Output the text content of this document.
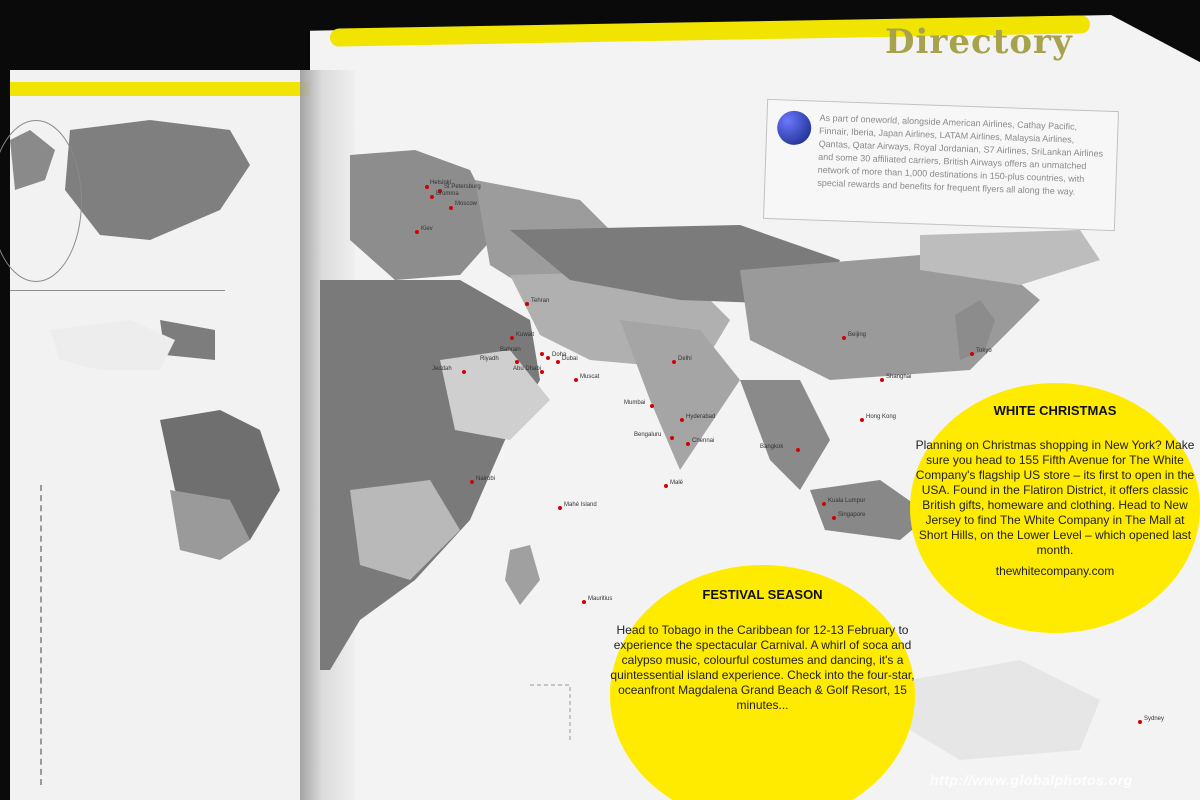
Directory
Helsinki
St Petersburg
Bromma
Moscow
Kiev
Tehran
Kuwait
Bahrain
Doha
Dubai
Riyadh
Abu Dhabi
Muscat
Jeddah
Delhi
Mumbai
Hyderabad
Bengaluru
Chennai
Bangkok
Hong Kong
Shanghai
Beijing
Tokyo
Kuala Lumpur
Singapore
Malé
Mahé Island
Mauritius
Nairobi
Sydney
As part of oneworld, alongside American Airlines, Cathay Pacific, Finnair, Iberia, Japan Airlines, LATAM Airlines, Malaysia Airlines, Qantas, Qatar Airways, Royal Jordanian, S7 Airlines, SriLankan Airlines and some 30 affiliated carriers, British Airways offers an unmatched network of more than 1,000 destinations in 150-plus countries, with special rewards and benefits for frequent flyers all along the way.
WHITE CHRISTMAS
Planning on Christmas shopping in New York? Make sure you head to 155 Fifth Avenue for The White Company's flagship US store – its first to open in the USA. Found in the Flatiron District, it offers classic British gifts, homeware and clothing. Head to New Jersey to find The White Company in The Mall at Short Hills, on the Lower Level – which opened last month.
thewhitecompany.com
FESTIVAL SEASON
Head to Tobago in the Caribbean for 12-13 February to experience the spectacular Carnival. A whirl of soca and calypso music, colourful costumes and dancing, it's a quintessential island experience. Check into the four-star, oceanfront Magdalena Grand Beach & Golf Resort, 15 minutes...
http://www.globalphotos.org
